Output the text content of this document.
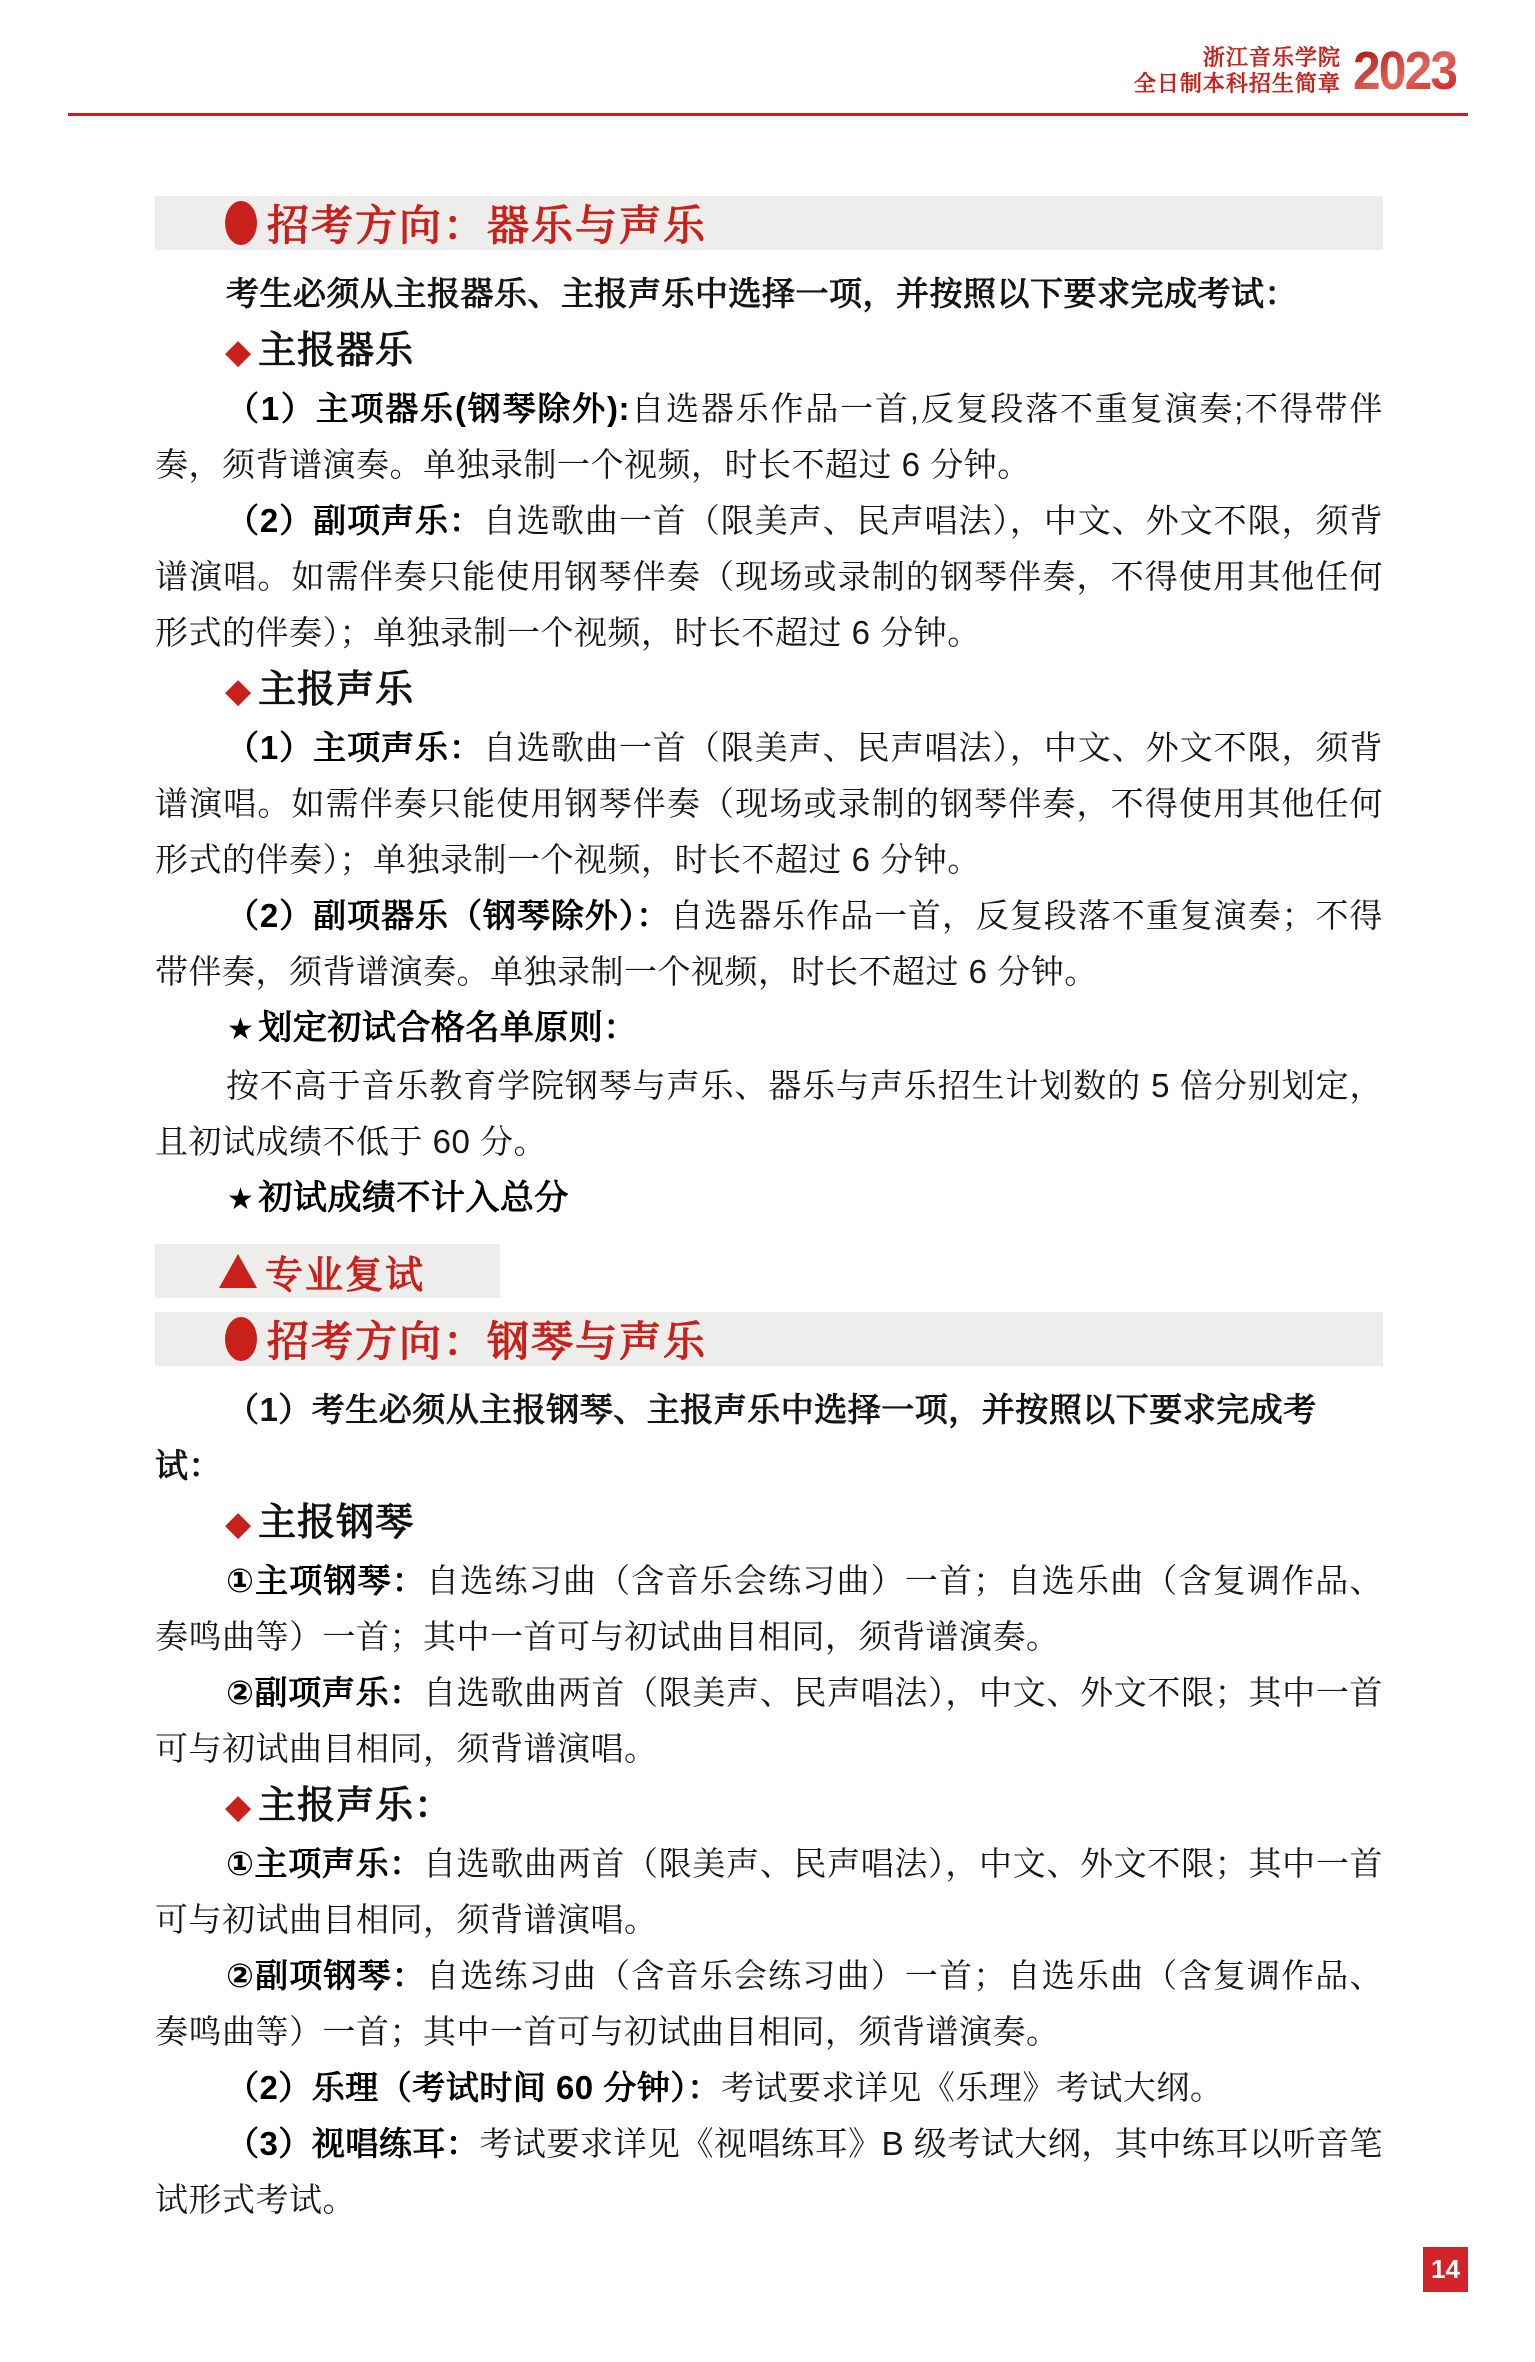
浙江音乐学院
全日制本科招生简章 2023
招考方向：器乐与声乐

考生必须从主报器乐、主报声乐中选择一项，并按照以下要求完成考试：

◆ 主报器乐

（1）主项器乐(钢琴除外):自选器乐作品一首,反复段落不重复演奏;不得带伴奏，须背谱演奏。单独录制一个视频，时长不超过 6 分钟。

（2）副项声乐：自选歌曲一首（限美声、民声唱法），中文、外文不限，须背谱演唱。如需伴奏只能使用钢琴伴奏（现场或录制的钢琴伴奏，不得使用其他任何形式的伴奏）；单独录制一个视频，时长不超过 6 分钟。

◆ 主报声乐

（1）主项声乐：自选歌曲一首（限美声、民声唱法），中文、外文不限，须背谱演唱。如需伴奏只能使用钢琴伴奏（现场或录制的钢琴伴奏，不得使用其他任何形式的伴奏）；单独录制一个视频，时长不超过 6 分钟。

（2）副项器乐（钢琴除外）：自选器乐作品一首，反复段落不重复演奏；不得带伴奏，须背谱演奏。单独录制一个视频，时长不超过 6 分钟。

★ 划定初试合格名单原则：

按不高于音乐教育学院钢琴与声乐、器乐与声乐招生计划数的 5 倍分别划定，且初试成绩不低于 60 分。

★ 初试成绩不计入总分

专业复试
招考方向：钢琴与声乐

（1）考生必须从主报钢琴、主报声乐中选择一项，并按照以下要求完成考试：

◆ 主报钢琴

①主项钢琴：自选练习曲（含音乐会练习曲）一首；自选乐曲（含复调作品、奏鸣曲等）一首；其中一首可与初试曲目相同，须背谱演奏。

②副项声乐：自选歌曲两首（限美声、民声唱法），中文、外文不限；其中一首可与初试曲目相同，须背谱演唱。

◆ 主报声乐：

①主项声乐：自选歌曲两首（限美声、民声唱法），中文、外文不限；其中一首可与初试曲目相同，须背谱演唱。

②副项钢琴：自选练习曲（含音乐会练习曲）一首；自选乐曲（含复调作品、奏鸣曲等）一首；其中一首可与初试曲目相同，须背谱演奏。

（2）乐理（考试时间 60 分钟）：考试要求详见《乐理》考试大纲。

（3）视唱练耳：考试要求详见《视唱练耳》B 级考试大纲，其中练耳以听音笔试形式考试。

14
